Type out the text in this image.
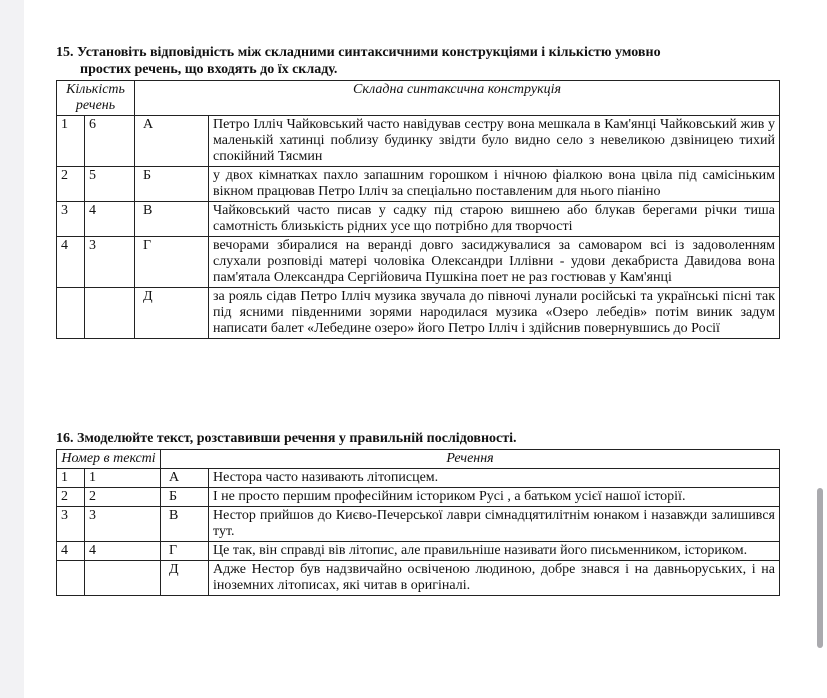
15. Установіть відповідність між складними синтаксичними конструкціями і кількістю умовно
простих речень, що входять до їх складу.

Кількість речень		Складна синтаксична конструкція	
1	6	А	Петро Ілліч Чайковський часто навідував сестру вона мешкала в Кам'янці Чайковський жив у маленькій хатинці поблизу будинку звідти було видно село з невеликою дзвіницею тихий спокійний Тясмин
2	5	Б	у двох кімнатках пахло запашним горошком і нічною фіалкою вона цвіла під самісіньким вікном працював Петро Ілліч за спеціально поставленим для нього піаніно
3	4	В	Чайковський часто писав у садку під старою вишнею або блукав берегами річки тиша самотність близькість рідних усе що потрібно для творчості
4	3	Г	вечорами збиралися на веранді довго засиджувалися за самоваром всі із задоволенням слухали розповіді матері чоловіка Олександри Іллівни - удови декабриста Давидова вона пам'ятала Олександра Сергійовича Пушкіна поет не раз гостював у Кам'янці
		Д	за рояль сідав Петро Ілліч музика звучала до півночі лунали російські та українські пісні так під ясними південними зорями народилася музика «Озеро лебедів» потім виник задум написати балет «Лебедине озеро» його Петро Ілліч і здійснив повернувшись до Росії

16. Змоделюйте текст, розставивши речення у правильній послідовності.

Номер в тексті		Речення	
1	1	А	Нестора часто називають літописцем.
2	2	Б	І не просто першим професійним істориком Русі , а батьком усієї нашої історії.
3	3	В	Нестор прийшов до Києво-Печерської лаври сімнадцятилітнім юнаком і назавжди залишився тут.
4	4	Г	Це так, він справді вів літопис, але правильніше називати його письменником, істориком.
		Д	Адже Нестор був надзвичайно освіченою людиною, добре знався і на давньоруських, і на іноземних літописах, які читав в оригіналі.
